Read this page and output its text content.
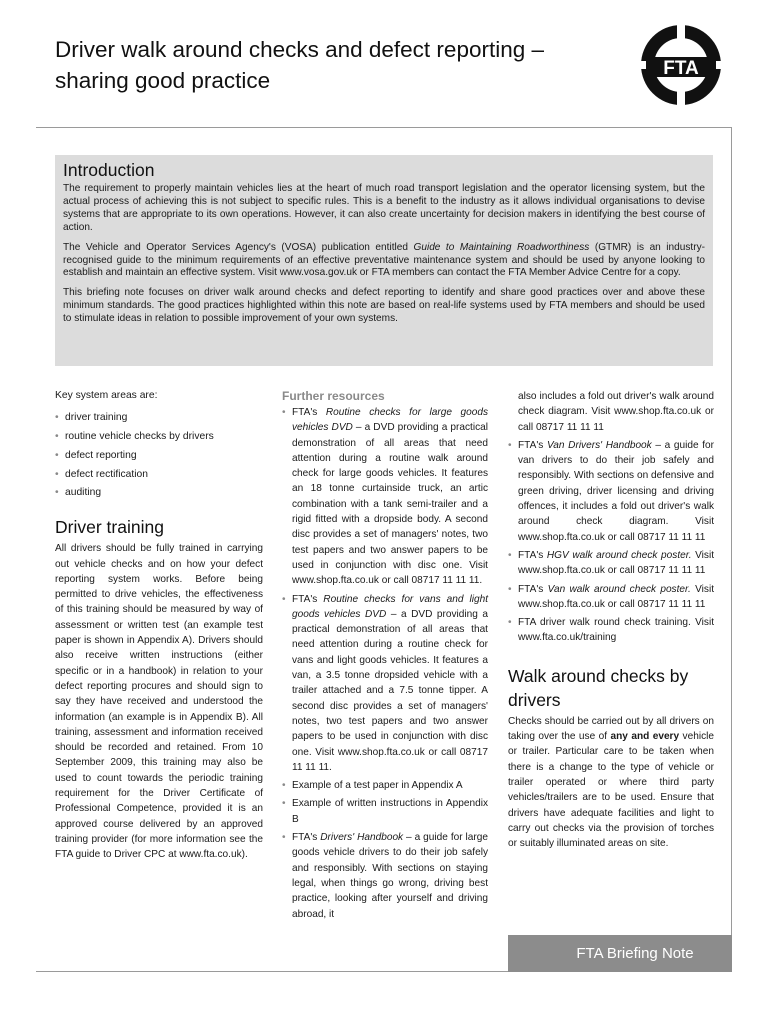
Driver walk around checks and defect reporting – sharing good practice	FTA
Introduction

The requirement to properly maintain vehicles lies at the heart of much road transport legislation and the operator licensing system, but the actual process of achieving this is not subject to specific rules. This is a benefit to the industry as it allows individual organisations to devise systems that are appropriate to its own operations. However, it can also create uncertainty for decision makers in identifying the best course of action.

The Vehicle and Operator Services Agency's (VOSA) publication entitled Guide to Maintaining Roadworthiness (GTMR) is an industry-recognised guide to the minimum requirements of an effective preventative maintenance system and should be used by anyone looking to establish and maintain an effective system. Visit www.vosa.gov.uk or FTA members can contact the FTA Member Advice Centre for a copy.

This briefing note focuses on driver walk around checks and defect reporting to identify and share good practices over and above these minimum standards. The good practices highlighted within this note are based on real-life systems used by FTA members and should be used to stimulate ideas in relation to possible improvement of your own systems.

Key system areas are:

• driver training
• routine vehicle checks by drivers
• defect reporting
• defect rectification
• auditing
Driver training

All drivers should be fully trained in carrying out vehicle checks and on how your defect reporting system works. Before being permitted to drive vehicles, the effectiveness of this training should be measured by way of assessment or written test (an example test paper is shown in Appendix A). Drivers should also receive written instructions (either specific or in a handbook) in relation to your defect reporting procures and should sign to say they have received and understood the information (an example is in Appendix B). All training, assessment and information received should be recorded and retained. From 10 September 2009, this training may also be used to count towards the periodic training requirement for the Driver Certificate of Professional Competence, provided it is an approved course delivered by an approved training provider (for more information see the FTA guide to Driver CPC at www.fta.co.uk).

Further resources
• FTA's Routine checks for large goods vehicles DVD – a DVD providing a practical demonstration of all areas that need attention during a routine walk around check for large goods vehicles. It features an 18 tonne curtainside truck, an artic combination with a tank semi-trailer and a rigid fitted with a dropside body. A second disc provides a set of managers' notes, two test papers and two answer papers to be used in conjunction with disc one. Visit www.shop.fta.co.uk or call 08717 11 11 11.
• FTA's Routine checks for vans and light goods vehicles DVD – a DVD providing a practical demonstration of all areas that need attention during a routine check for vans and light goods vehicles. It features a van, a 3.5 tonne dropsided vehicle with a trailer attached and a 7.5 tonne tipper. A second disc provides a set of managers' notes, two test papers and two answer papers to be used in conjunction with disc one. Visit www.shop.fta.co.uk or call 08717 11 11 11.
• Example of a test paper in Appendix A
• Example of written instructions in Appendix B
• FTA's Drivers' Handbook – a guide for large goods vehicle drivers to do their job safely and responsibly. With sections on staying legal, when things go wrong, driving best practice, looking after yourself and driving abroad, it
also includes a fold out driver's walk around check diagram. Visit www.shop.fta.co.uk or call 08717 11 11 11
• FTA's Van Drivers' Handbook – a guide for van drivers to do their job safely and responsibly. With sections on defensive and green driving, driver licensing and driving offences, it includes a fold out driver's walk around check diagram. Visit www.shop.fta.co.uk or call 08717 11 11 11
• FTA's HGV walk around check poster. Visit www.shop.fta.co.uk or call 08717 11 11 11
• FTA's Van walk around check poster. Visit www.shop.fta.co.uk or call 08717 11 11 11
• FTA driver walk round check training. Visit www.fta.co.uk/training
Walk around checks by drivers

Checks should be carried out by all drivers on taking over the use of any and every vehicle or trailer. Particular care to be taken when there is a change to the type of vehicle or trailer operated or where third party vehicles/trailers are to be used. Ensure that drivers have adequate facilities and light to carry out checks via the provision of torches or suitably illuminated areas on site.

FTA Briefing Note
